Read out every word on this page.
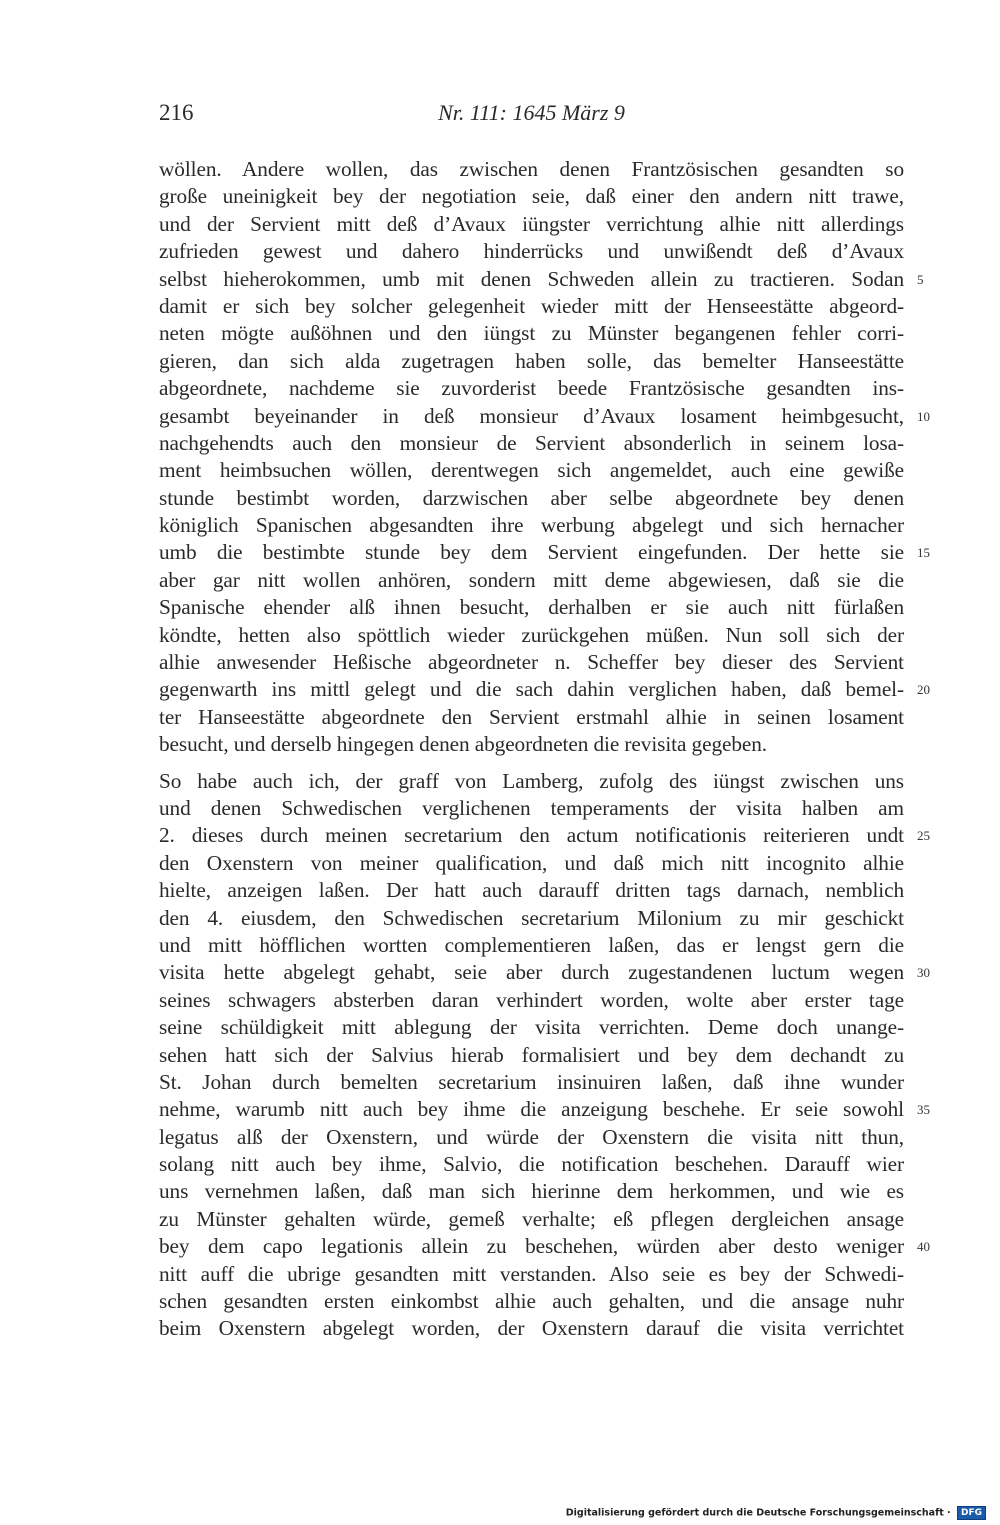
216	Nr. 111: 1645 März 9
wöllen. Andere wollen, das zwischen denen Frantzösischen gesandten so
große uneinigkeit bey der negotiation seie, daß einer den andern nitt trawe,
und der Servient mitt deß d’Avaux iüngster verrichtung alhie nitt allerdings
zufrieden gewest und dahero hinderrücks und unwißendt deß d’Avaux
selbst hieherokommen, umb mit denen Schweden allein zu tractieren. Sodan 5
damit er sich bey solcher gelegenheit wieder mitt der Henseestätte abgeord-
neten mögte außöhnen und den iüngst zu Münster begangenen fehler corri-
gieren, dan sich alda zugetragen haben solle, das bemelter Hanseestätte
abgeordnete, nachdeme sie zuvorderist beede Frantzösische gesandten ins-
gesambt beyeinander in deß monsieur d’Avaux losament heimbgesucht, 10
nachgehendts auch den monsieur de Servient absonderlich in seinem losa-
ment heimbsuchen wöllen, derentwegen sich angemeldet, auch eine gewiße
stunde bestimbt worden, darzwischen aber selbe abgeordnete bey denen
königlich Spanischen abgesandten ihre werbung abgelegt und sich hernacher
umb die bestimbte stunde bey dem Servient eingefunden. Der hette sie 15
aber gar nitt wollen anhören, sondern mitt deme abgewiesen, daß sie die
Spanische ehender alß ihnen besucht, derhalben er sie auch nitt fürlaßen
köndte, hetten also spöttlich wieder zurückgehen müßen. Nun soll sich der
alhie anwesender Heßische abgeordneter n. Scheffer bey dieser des Servient
gegenwarth ins mittl gelegt und die sach dahin verglichen haben, daß bemel- 20
ter Hanseestätte abgeordnete den Servient erstmahl alhie in seinen losament
besucht, und derselb hingegen denen abgeordneten die revisita gegeben.
So habe auch ich, der graff von Lamberg, zufolg des iüngst zwischen uns
und denen Schwedischen verglichenen temperaments der visita halben am
2. dieses durch meinen secretarium den actum notificationis reiterieren undt 25
den Oxenstern von meiner qualification, und daß mich nitt incognito alhie
hielte, anzeigen laßen. Der hatt auch darauff dritten tags darnach, nemblich
den 4. eiusdem, den Schwedischen secretarium Milonium zu mir geschickt
und mitt höfflichen wortten complementieren laßen, das er lengst gern die
visita hette abgelegt gehabt, seie aber durch zugestandenen luctum wegen 30
seines schwagers absterben daran verhindert worden, wolte aber erster tage
seine schüldigkeit mitt ablegung der visita verrichten. Deme doch unange-
sehen hatt sich der Salvius hierab formalisiert und bey dem dechandt zu
St. Johan durch bemelten secretarium insinuiren laßen, daß ihne wunder
nehme, warumb nitt auch bey ihme die anzeigung beschehe. Er seie sowohl 35
legatus alß der Oxenstern, und würde der Oxenstern die visita nitt thun,
solang nitt auch bey ihme, Salvio, die notification beschehen. Darauff wier
uns vernehmen laßen, daß man sich hierinne dem herkommen, und wie es
zu Münster gehalten würde, gemeß verhalte; eß pflegen dergleichen ansage
bey dem capo legationis allein zu beschehen, würden aber desto weniger 40
nitt auff die ubrige gesandten mitt verstanden. Also seie es bey der Schwedi-
schen gesandten ersten einkombst alhie auch gehalten, und die ansage nuhr
beim Oxenstern abgelegt worden, der Oxenstern darauf die visita verrichtet
Digitalisierung gefördert durch die Deutsche Forschungsgemeinschaft · DFG
